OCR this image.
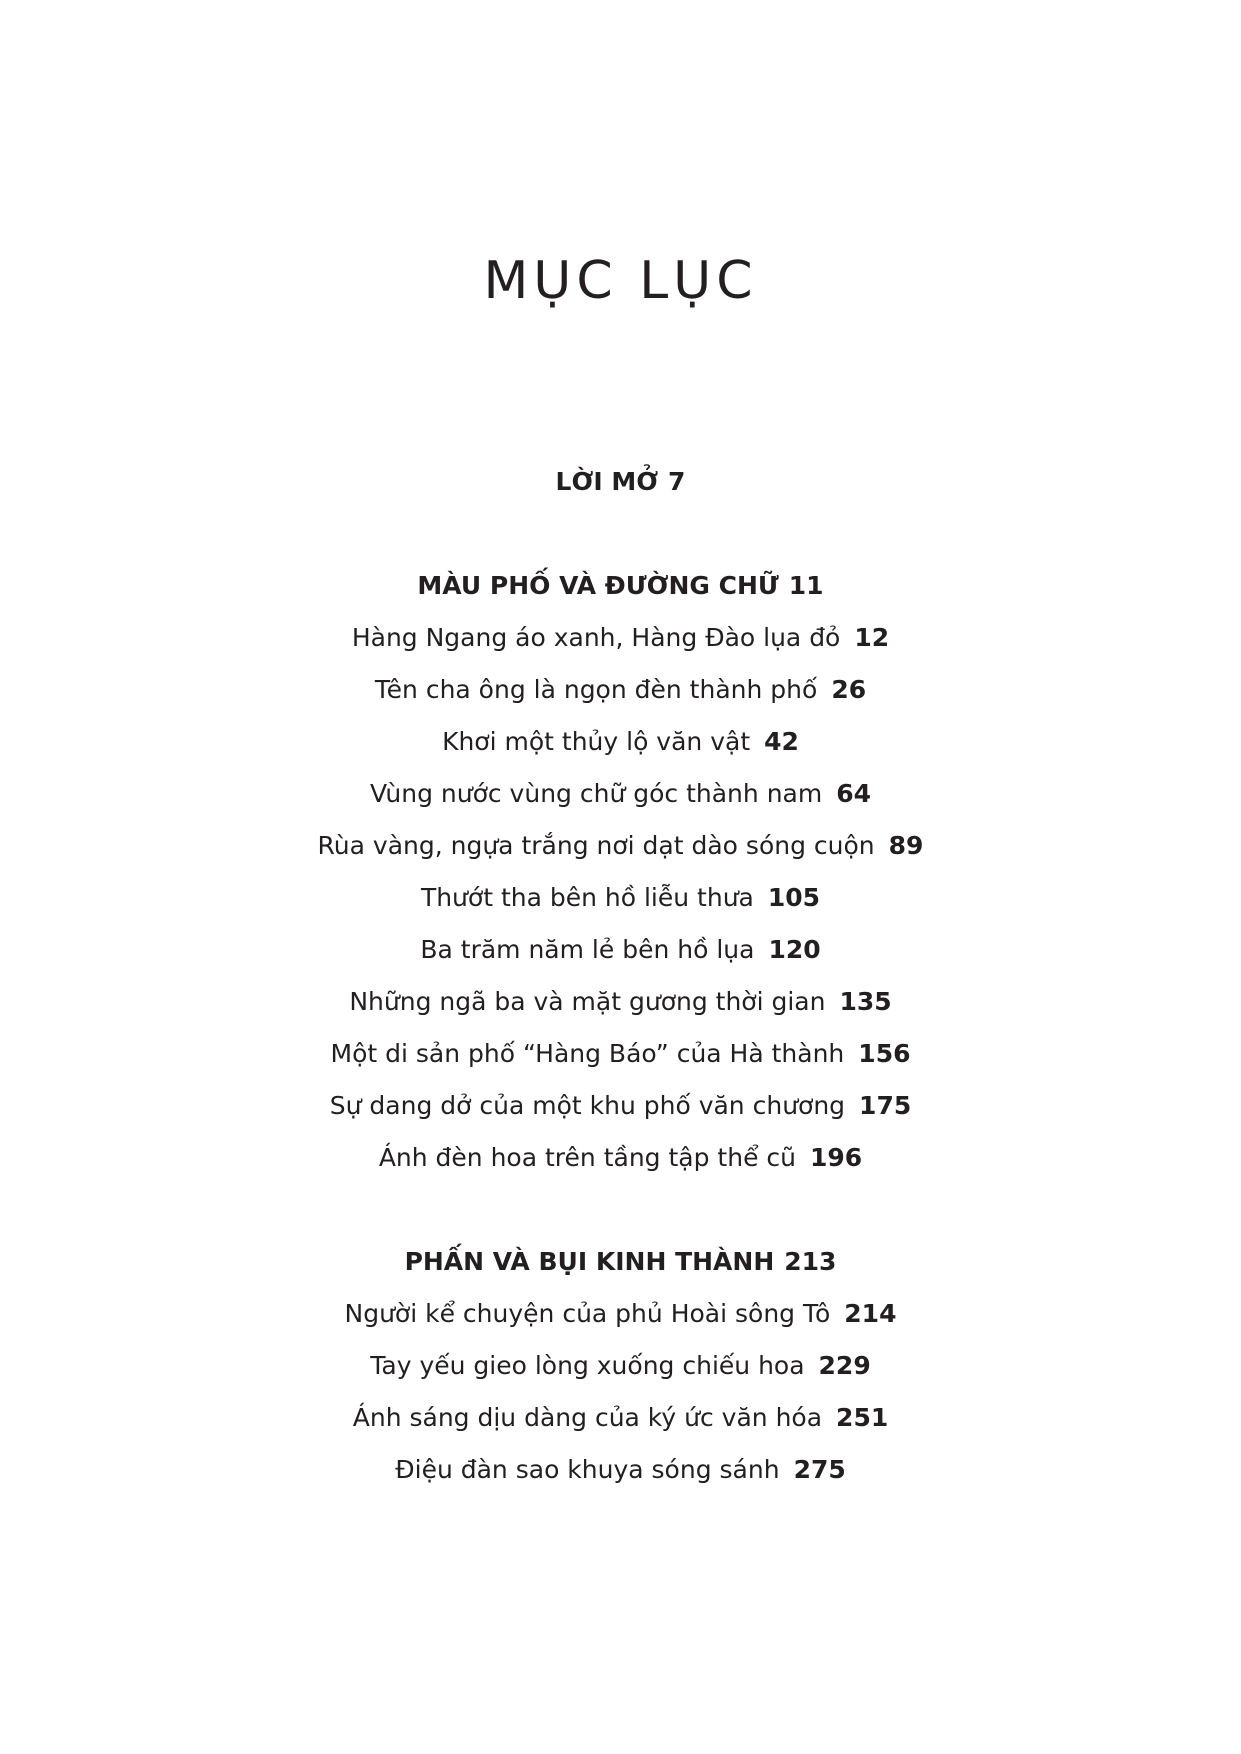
MỤC LỤC
LỜI MỞ 7
MÀU PHỐ VÀ ĐƯỜNG CHỮ 11
Hàng Ngang áo xanh, Hàng Đào lụa đỏ 12
Tên cha ông là ngọn đèn thành phố 26
Khơi một thủy lộ văn vật 42
Vùng nước vùng chữ góc thành nam 64
Rùa vàng, ngựa trắng nơi dạt dào sóng cuộn 89
Thướt tha bên hồ liễu thưa 105
Ba trăm năm lẻ bên hồ lụa 120
Những ngã ba và mặt gương thời gian 135
Một di sản phố “Hàng Báo” của Hà thành 156
Sự dang dở của một khu phố văn chương 175
Ánh đèn hoa trên tầng tập thể cũ 196
PHẤN VÀ BỤI KINH THÀNH 213
Người kể chuyện của phủ Hoài sông Tô 214
Tay yếu gieo lòng xuống chiếu hoa 229
Ánh sáng dịu dàng của ký ức văn hóa 251
Điệu đàn sao khuya sóng sánh 275
